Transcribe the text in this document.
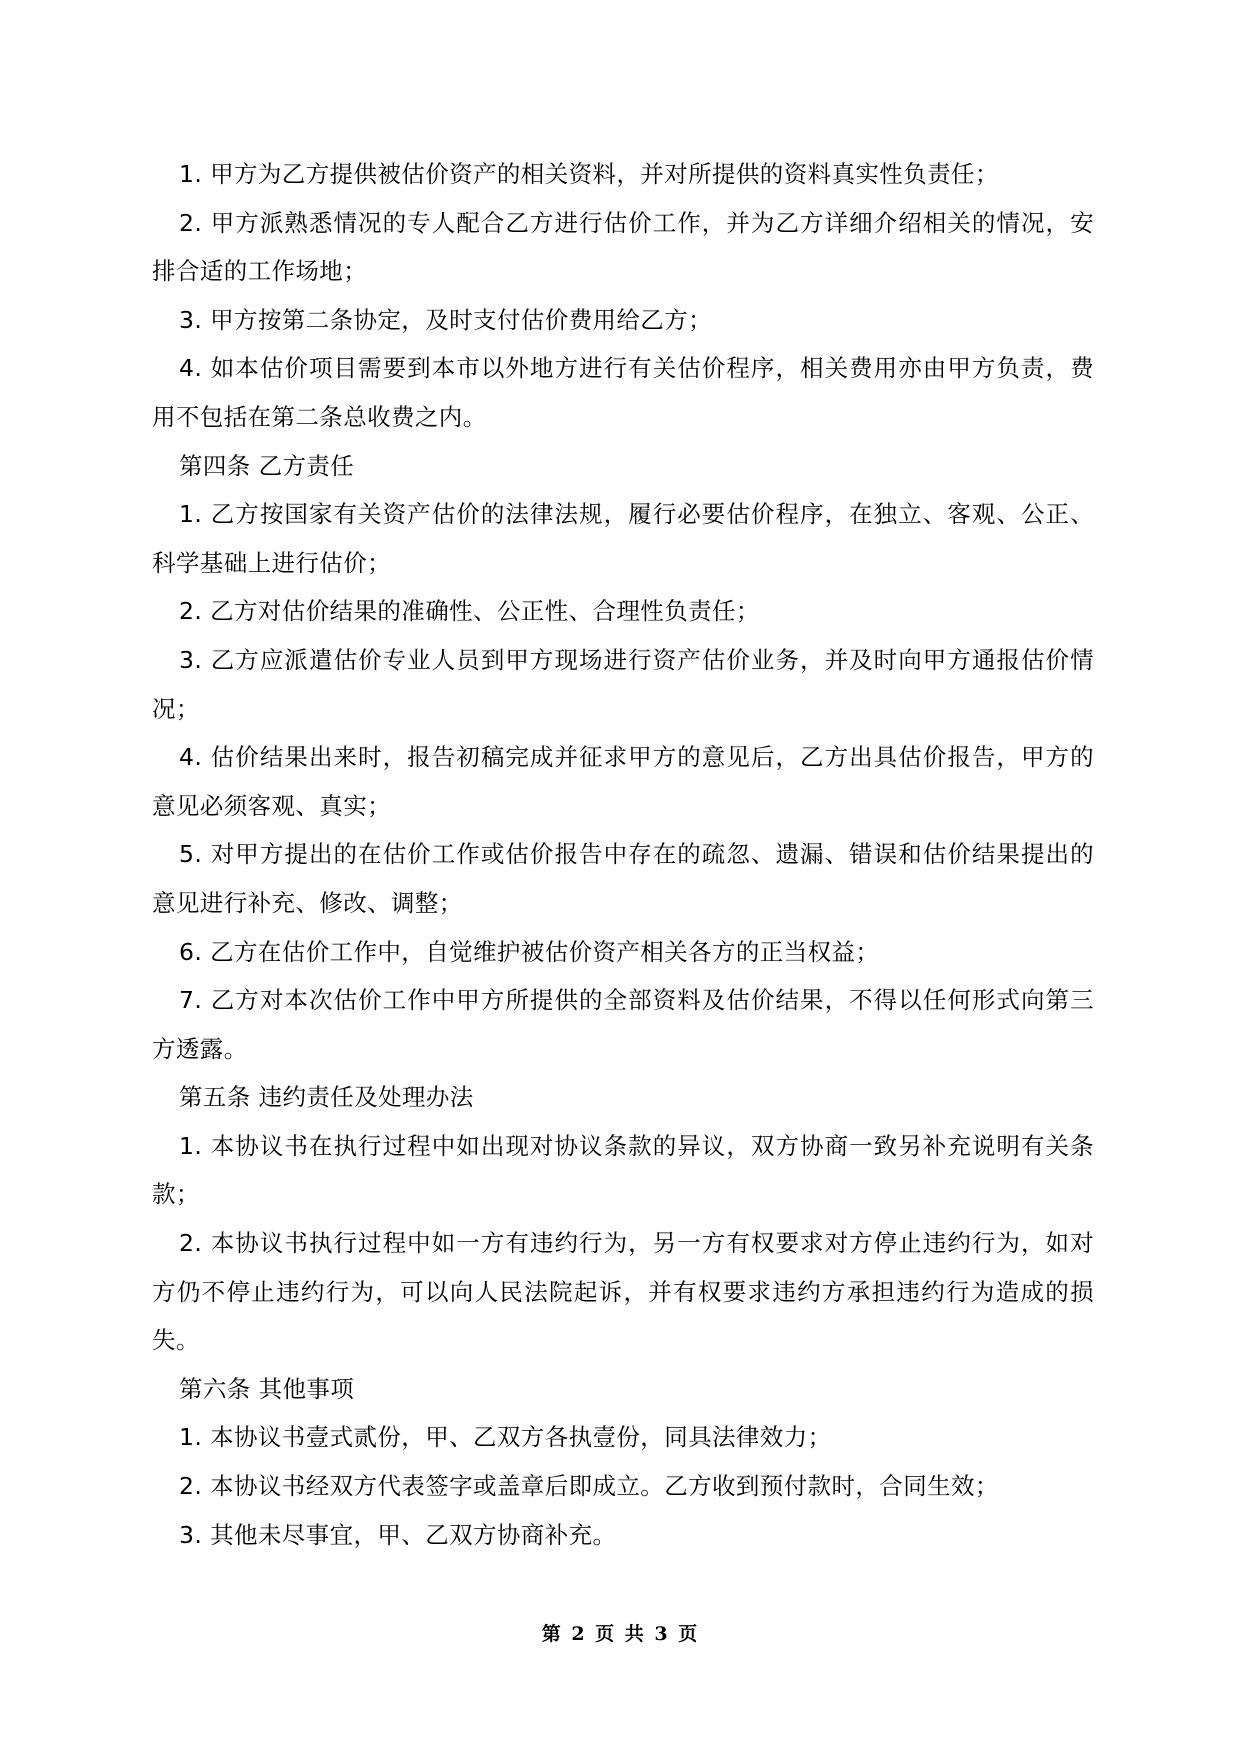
1. 甲方为乙方提供被估价资产的相关资料，并对所提供的资料真实性负责任；

2. 甲方派熟悉情况的专人配合乙方进行估价工作，并为乙方详细介绍相关的情况，安排合适的工作场地；

3. 甲方按第二条协定，及时支付估价费用给乙方；

4. 如本估价项目需要到本市以外地方进行有关估价程序，相关费用亦由甲方负责，费用不包括在第二条总收费之内。

第四条 乙方责任

1. 乙方按国家有关资产估价的法律法规，履行必要估价程序，在独立、客观、公正、科学基础上进行估价；

2. 乙方对估价结果的准确性、公正性、合理性负责任；

3. 乙方应派遣估价专业人员到甲方现场进行资产估价业务，并及时向甲方通报估价情况；

4. 估价结果出来时，报告初稿完成并征求甲方的意见后，乙方出具估价报告，甲方的意见必须客观、真实；

5. 对甲方提出的在估价工作或估价报告中存在的疏忽、遗漏、错误和估价结果提出的意见进行补充、修改、调整；

6. 乙方在估价工作中，自觉维护被估价资产相关各方的正当权益；

7. 乙方对本次估价工作中甲方所提供的全部资料及估价结果，不得以任何形式向第三方透露。

第五条 违约责任及处理办法

1. 本协议书在执行过程中如出现对协议条款的异议，双方协商一致另补充说明有关条款；

2. 本协议书执行过程中如一方有违约行为，另一方有权要求对方停止违约行为，如对方仍不停止违约行为，可以向人民法院起诉，并有权要求违约方承担违约行为造成的损失。

第六条 其他事项

1. 本协议书壹式贰份，甲、乙双方各执壹份，同具法律效力；

2. 本协议书经双方代表签字或盖章后即成立。乙方收到预付款时，合同生效；

3. 其他未尽事宜，甲、乙双方协商补充。

第 2 页 共 3 页
